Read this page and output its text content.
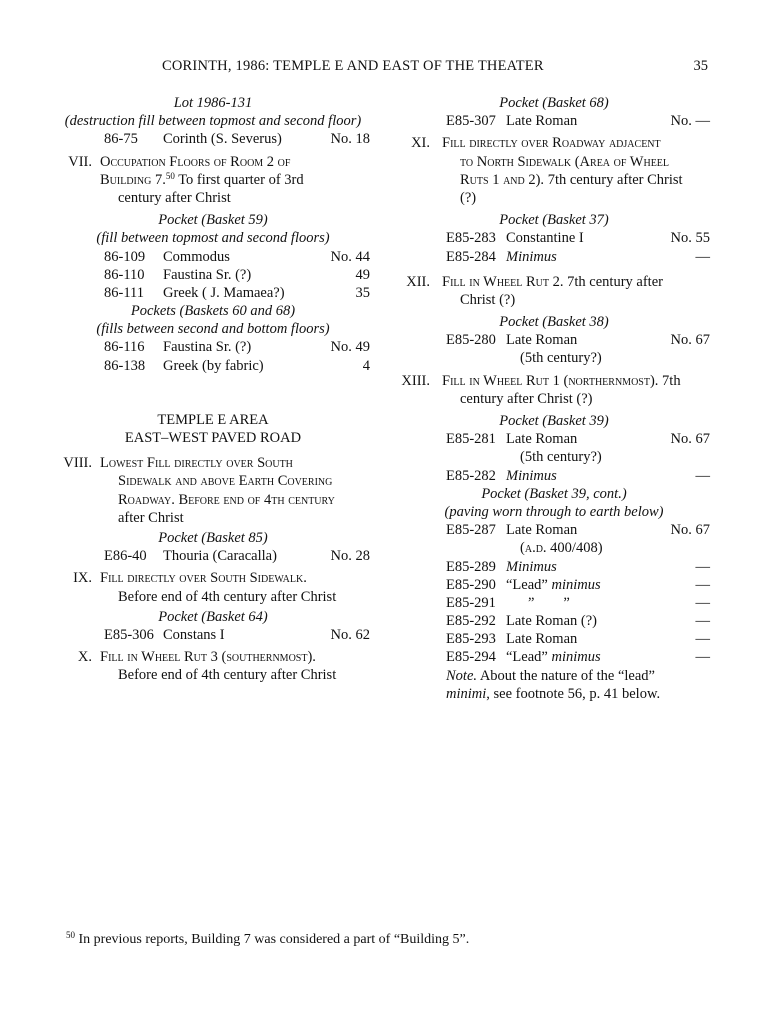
CORINTH, 1986: TEMPLE E AND EAST OF THE THEATER	35
Lot 1986-131
(destruction fill between topmost and second floor)
86-75 Corinth (S. Severus)	No. 18
VII. Occupation Floors of Room 2 of
Building 7.50 To first quarter of 3rd
century after Christ
Pocket (Basket 59)
(fill between topmost and second floors)
86-109 Commodus	No. 44
86-110 Faustina Sr. (?)	49
86-111 Greek ( J. Mamaea?)	35
Pockets (Baskets 60 and 68)
(fills between second and bottom floors)
86-116 Faustina Sr. (?)	No. 49
86-138 Greek (by fabric)	4
TEMPLE E AREA
EAST–WEST PAVED ROAD
VIII. Lowest Fill directly over South
Sidewalk and above Earth Covering
Roadway. Before end of 4th century
after Christ
Pocket (Basket 85)
E86-40 Thouria (Caracalla)	No. 28
IX. Fill directly over South Sidewalk.
Before end of 4th century after Christ
Pocket (Basket 64)
E85-306 Constans I	No. 62
X. Fill in Wheel Rut 3 (southernmost).
Before end of 4th century after Christ
Pocket (Basket 68)
E85-307 Late Roman	No. —
XI. Fill directly over Roadway adjacent
to North Sidewalk (Area of Wheel
Ruts 1 and 2). 7th century after Christ
(?)
Pocket (Basket 37)
E85-283 Constantine I	No. 55
E85-284 Minimus	—
XII. Fill in Wheel Rut 2. 7th century after
Christ (?)
Pocket (Basket 38)
E85-280 Late Roman	No. 67
(5th century?)
XIII. Fill in Wheel Rut 1 (northernmost). 7th
century after Christ (?)
Pocket (Basket 39)
E85-281 Late Roman	No. 67
(5th century?)
E85-282 Minimus	—
Pocket (Basket 39, cont.)
(paving worn through to earth below)
E85-287 Late Roman	No. 67
(a.d. 400/408)
E85-289 Minimus	—
E85-290 “Lead” minimus	—
E85-291 ”        ”	—
E85-292 Late Roman (?)	—
E85-293 Late Roman	—
E85-294 “Lead” minimus	—
Note. About the nature of the “lead”
minimi, see footnote 56, p. 41 below.
$^{50}$ In previous reports, Building 7 was considered a part of “Building 5”.
